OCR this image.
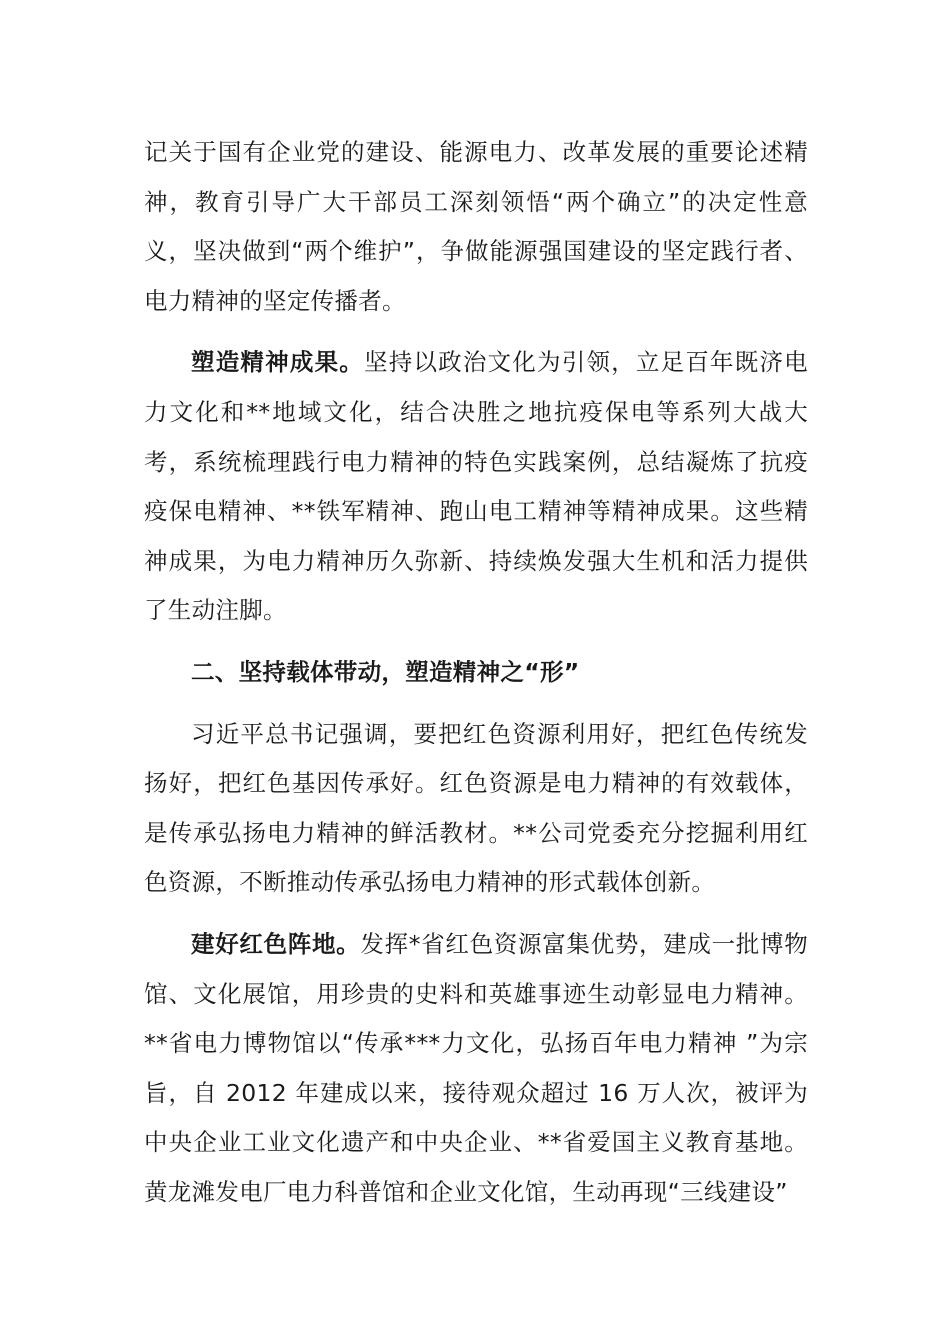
记关于国有企业党的建设、能源电力、改革发展的重要论述精神，教育引导广大干部员工深刻领悟“两个确立”的决定性意义，坚决做到“两个维护”，争做能源强国建设的坚定践行者、电力精神的坚定传播者。

塑造精神成果。坚持以政治文化为引领，立足百年既济电力文化和**地域文化，结合决胜之地抗疫保电等系列大战大考，系统梳理践行电力精神的特色实践案例，总结凝炼了抗疫疫保电精神、**铁军精神、跑山电工精神等精神成果。这些精神成果，为电力精神历久弥新、持续焕发强大生机和活力提供了生动注脚。

二、坚持载体带动，塑造精神之“形”

习近平总书记强调，要把红色资源利用好，把红色传统发扬好，把红色基因传承好。红色资源是电力精神的有效载体，是传承弘扬电力精神的鲜活教材。**公司党委充分挖掘利用红色资源，不断推动传承弘扬电力精神的形式载体创新。

建好红色阵地。发挥*省红色资源富集优势，建成一批博物馆、文化展馆，用珍贵的史料和英雄事迹生动彰显电力精神。**省电力博物馆以“传承***力文化，弘扬百年电力精神 ”为宗旨，自 2012 年建成以来，接待观众超过 16 万人次，被评为中央企业工业文化遗产和中央企业、**省爱国主义教育基地。黄龙滩发电厂电力科普馆和企业文化馆，生动再现“三线建设”
